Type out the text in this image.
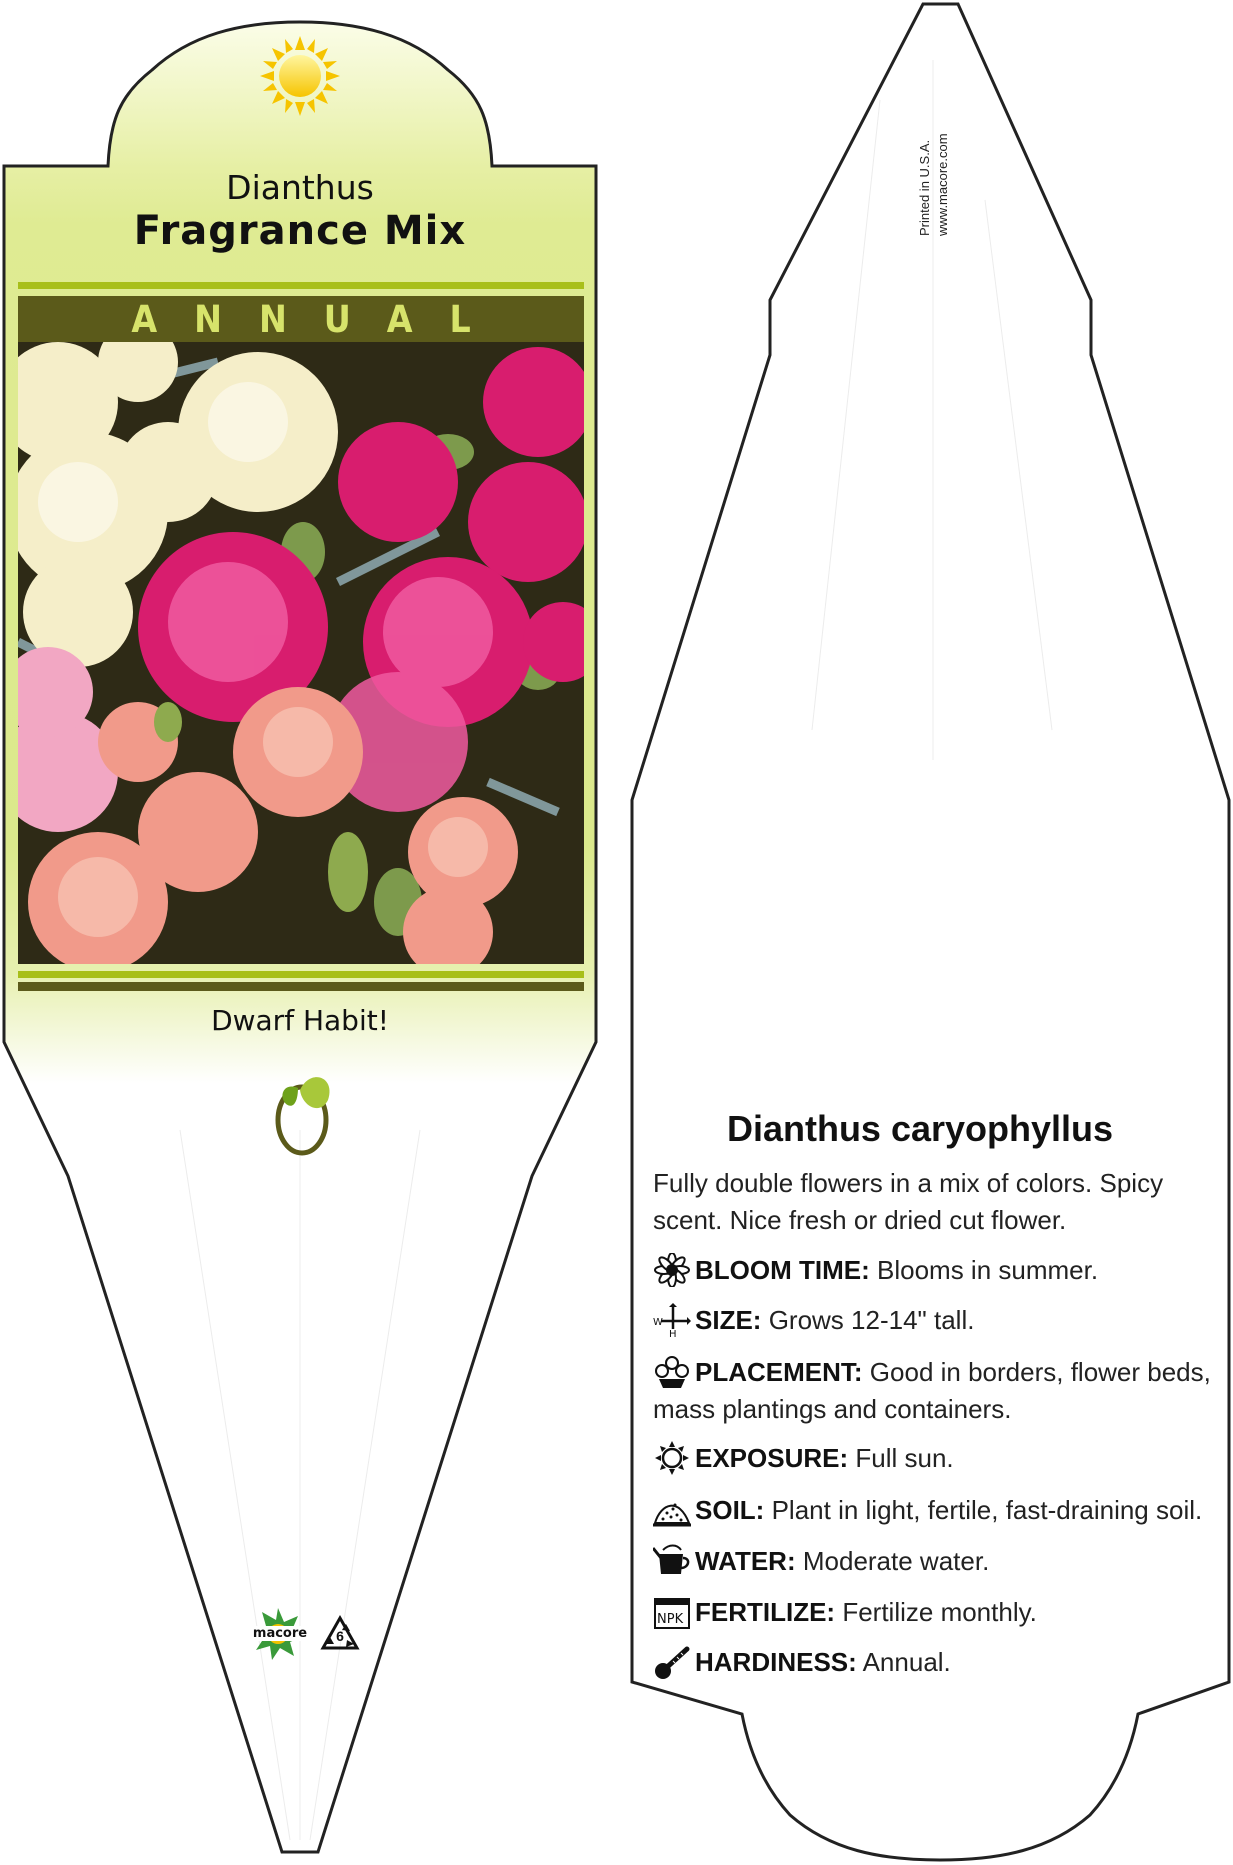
Dianthus
Fragrance Mix
ANNUAL
Dwarf Habit!
macore	6
Printed in U.S.A. www.macore.com
Dianthus caryophyllus
Fully double flowers in a mix of colors. Spicy scent. Nice fresh or dried cut flower.
BLOOM TIME: Blooms in summer.
W
H SIZE: Grows 12-14" tall.
PLACEMENT: Good in borders, flower beds, mass plantings and containers.
EXPOSURE: Full sun.
SOIL: Plant in light, fertile, fast-draining soil.
WATER: Moderate water.
NPK FERTILIZE: Fertilize monthly.
HARDINESS: Annual.
